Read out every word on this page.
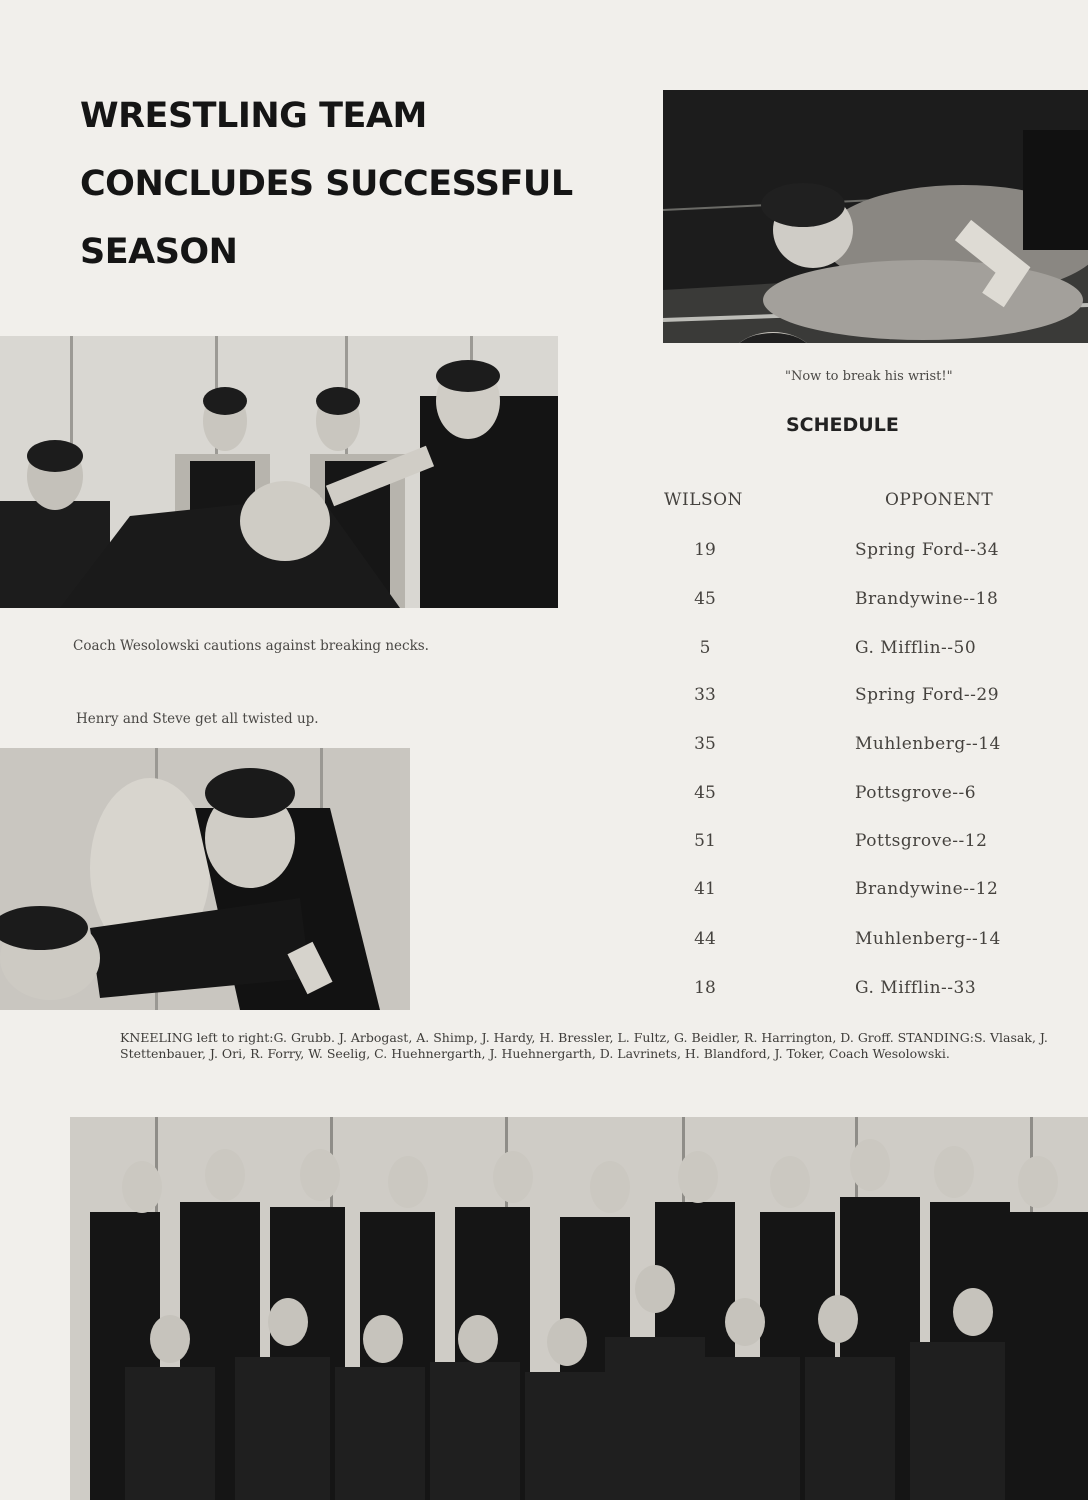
WRESTLING TEAM
CONCLUDES SUCCESSFUL
SEASON
"Now to break his wrist!"
Coach Wesolowski cautions against breaking necks.
Henry and Steve get all twisted up.
SCHEDULE
WILSON	OPPONENT
19	Spring Ford--34
45	Brandywine--18
5	G. Mifflin--50
33	Spring Ford--29
35	Muhlenberg--14
45	Pottsgrove--6
51	Pottsgrove--12
41	Brandywine--12
44	Muhlenberg--14
18	G. Mifflin--33
KNEELING left to right:G. Grubb. J. Arbogast, A. Shimp, J. Hardy, H. Bressler, L. Fultz, G. Beidler, R. Harrington, D. Groff. STANDING:S. Vlasak, J. Stettenbauer, J. Ori, R. Forry, W. Seelig, C. Huehnergarth, J. Huehnergarth, D. Lavrinets, H. Blandford, J. Toker, Coach Wesolowski.
